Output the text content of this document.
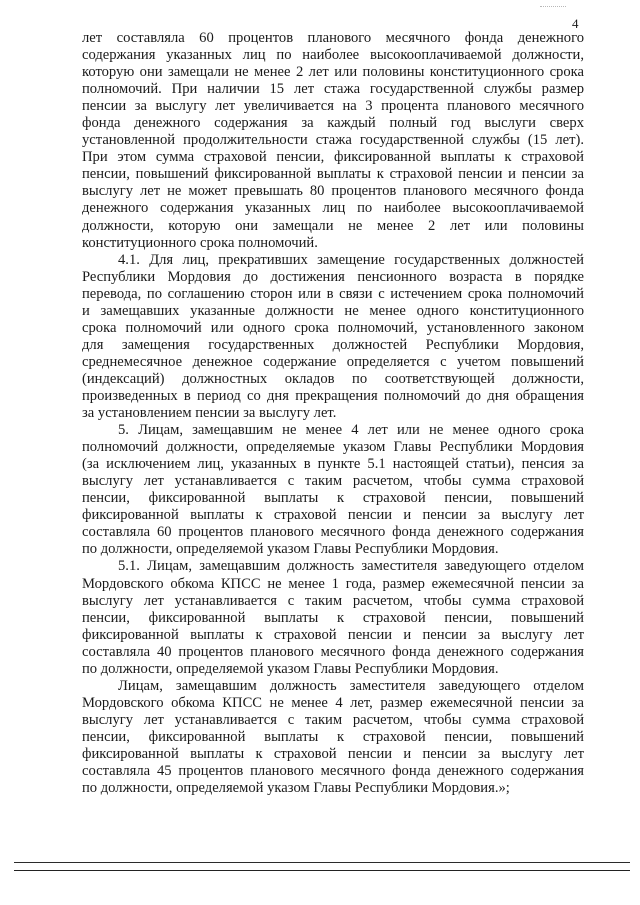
4
лет составляла 60 процентов планового месячного фонда денежного
содержания указанных лиц по наиболее высокооплачиваемой должности,
которую они замещали не менее 2 лет или половины конституционного срока
полномочий. При наличии 15 лет стажа государственной службы размер
пенсии за выслугу лет увеличивается на 3 процента планового месячного
фонда денежного содержания за каждый полный год выслуги сверх
установленной продолжительности стажа государственной службы (15 лет).
При этом сумма страховой пенсии, фиксированной выплаты к страховой
пенсии, повышений фиксированной выплаты к страховой пенсии и пенсии за
выслугу лет не может превышать 80 процентов планового месячного фонда
денежного содержания указанных лиц по наиболее высокооплачиваемой
должности, которую они замещали не менее 2 лет или половины
конституционного срока полномочий.
4.1. Для лиц, прекративших замещение государственных должностей
Республики Мордовия до достижения пенсионного возраста в порядке
перевода, по соглашению сторон или в связи с истечением срока полномочий
и замещавших указанные должности не менее одного конституционного
срока полномочий или одного срока полномочий, установленного законом
для замещения государственных должностей Республики Мордовия,
среднемесячное денежное содержание определяется с учетом повышений
(индексаций) должностных окладов по соответствующей должности,
произведенных в период со дня прекращения полномочий до дня обращения
за установлением пенсии за выслугу лет.
5. Лицам, замещавшим не менее 4 лет или не менее одного срока
полномочий должности, определяемые указом Главы Республики Мордовия
(за исключением лиц, указанных в пункте 5.1 настоящей статьи), пенсия за
выслугу лет устанавливается с таким расчетом, чтобы сумма страховой
пенсии, фиксированной выплаты к страховой пенсии, повышений
фиксированной выплаты к страховой пенсии и пенсии за выслугу лет
составляла 60 процентов планового месячного фонда денежного содержания
по должности, определяемой указом Главы Республики Мордовия.
5.1. Лицам, замещавшим должность заместителя заведующего отделом
Мордовского обкома КПСС не менее 1 года, размер ежемесячной пенсии за
выслугу лет устанавливается с таким расчетом, чтобы сумма страховой
пенсии, фиксированной выплаты к страховой пенсии, повышений
фиксированной выплаты к страховой пенсии и пенсии за выслугу лет
составляла 40 процентов планового месячного фонда денежного содержания
по должности, определяемой указом Главы Республики Мордовия.
Лицам, замещавшим должность заместителя заведующего отделом
Мордовского обкома КПСС не менее 4 лет, размер ежемесячной пенсии за
выслугу лет устанавливается с таким расчетом, чтобы сумма страховой
пенсии, фиксированной выплаты к страховой пенсии, повышений
фиксированной выплаты к страховой пенсии и пенсии за выслугу лет
составляла 45 процентов планового месячного фонда денежного содержания
по должности, определяемой указом Главы Республики Мордовия.»;
